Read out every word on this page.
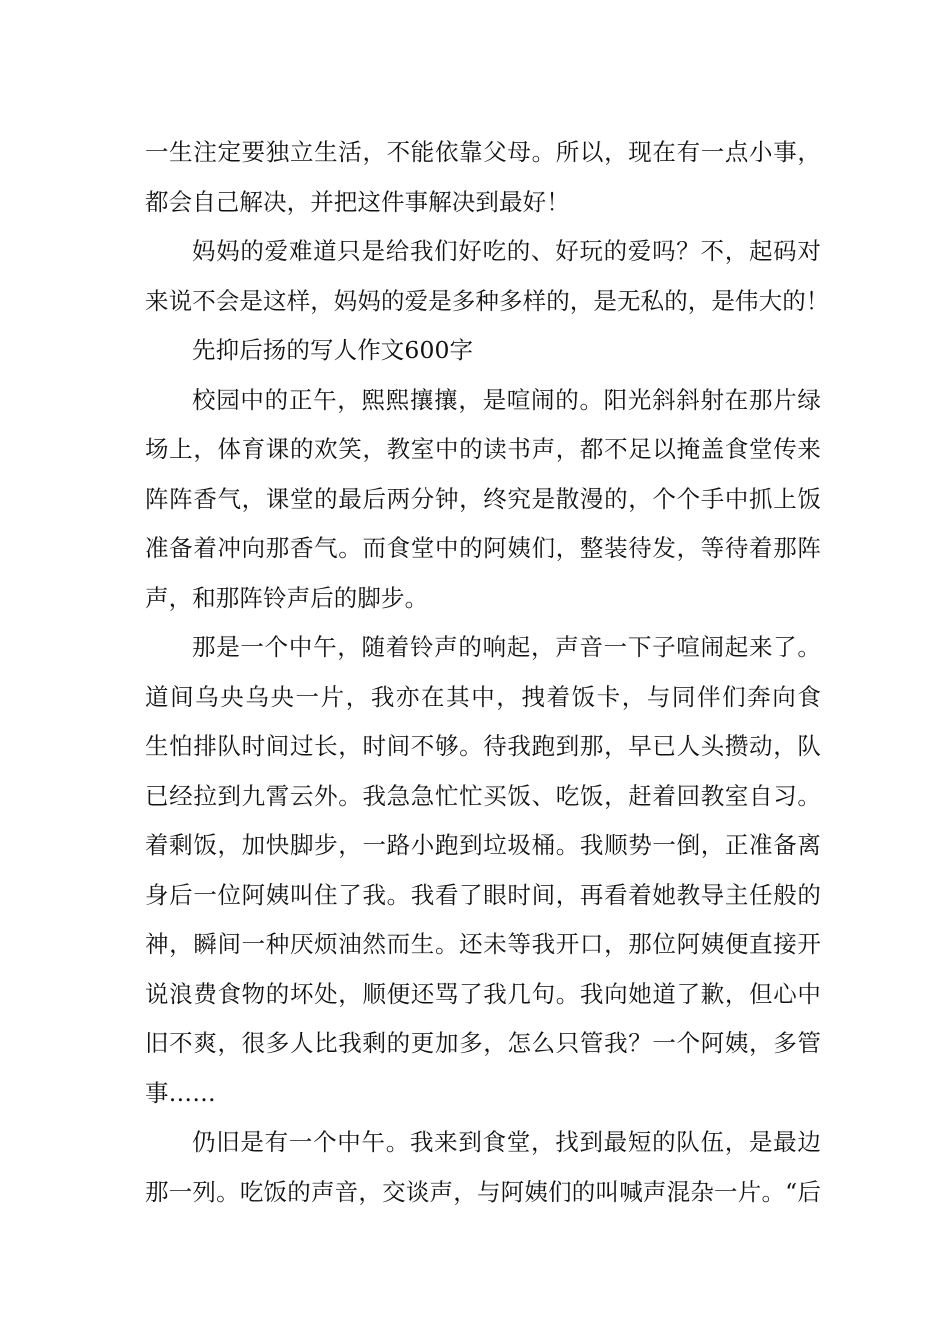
一生注定要独立生活，不能依靠父母。所以，现在有一点小事，
都会自己解决，并把这件事解决到最好！
妈妈的爱难道只是给我们好吃的、好玩的爱吗？不，起码对
来说不会是这样，妈妈的爱是多种多样的，是无私的，是伟大的！
先抑后扬的写人作文600字
校园中的正午，熙熙攘攘，是喧闹的。阳光斜斜射在那片绿
场上，体育课的欢笑，教室中的读书声，都不足以掩盖食堂传来
阵阵香气，课堂的最后两分钟，终究是散漫的，个个手中抓上饭
准备着冲向那香气。而食堂中的阿姨们，整装待发，等待着那阵
声，和那阵铃声后的脚步。
那是一个中午，随着铃声的响起，声音一下子喧闹起来了。
道间乌央乌央一片，我亦在其中，拽着饭卡，与同伴们奔向食
生怕排队时间过长，时间不够。待我跑到那，早已人头攒动，队
已经拉到九霄云外。我急急忙忙买饭、吃饭，赶着回教室自习。
着剩饭，加快脚步，一路小跑到垃圾桶。我顺势一倒，正准备离
身后一位阿姨叫住了我。我看了眼时间，再看着她教导主任般的
神，瞬间一种厌烦油然而生。还未等我开口，那位阿姨便直接开
说浪费食物的坏处，顺便还骂了我几句。我向她道了歉，但心中
旧不爽，很多人比我剩的更加多，怎么只管我？一个阿姨，多管
事……
仍旧是有一个中午。我来到食堂，找到最短的队伍，是最边
那一列。吃饭的声音，交谈声，与阿姨们的叫喊声混杂一片。“后
